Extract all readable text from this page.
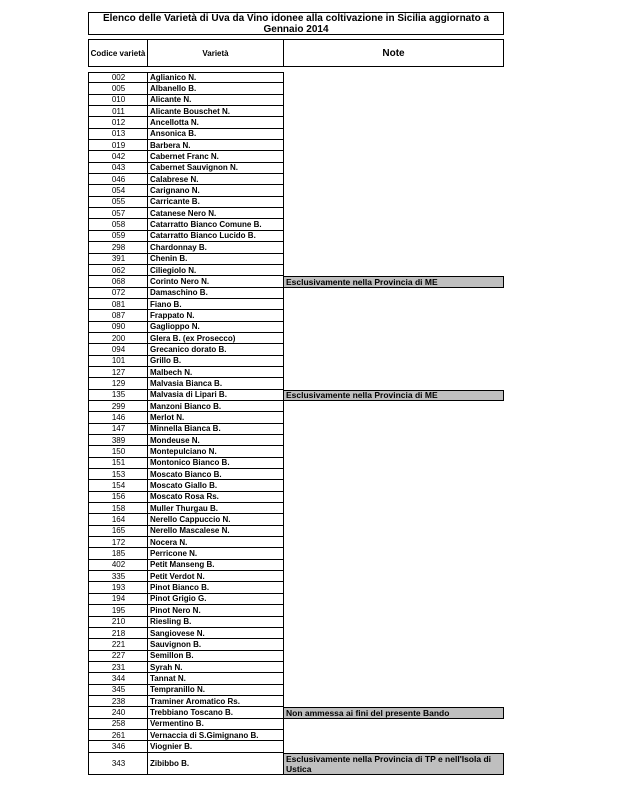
Elenco delle Varietà di Uva da Vino idonee alla coltivazione in Sicilia aggiornato a Gennaio 2014
Codice varietà	Varietà	Note
002	Aglianico N.
005	Albanello B.
010	Alicante N.
011	Alicante Bouschet N.
012	Ancellotta N.
013	Ansonica B.
019	Barbera N.
042	Cabernet Franc N.
043	Cabernet Sauvignon N.
046	Calabrese N.
054	Carignano N.
055	Carricante B.
057	Catanese Nero N.
058	Catarratto Bianco Comune B.
059	Catarratto Bianco Lucido B.
298	Chardonnay B.
391	Chenin B.
062	Ciliegiolo N.
068	Corinto Nero N.	Esclusivamente nella Provincia di ME
072	Damaschino B.
081	Fiano B.
087	Frappato N.
090	Gaglioppo N.
200	Glera B. (ex Prosecco)
094	Grecanico dorato B.
101	Grillo B.
127	Malbech N.
129	Malvasia Bianca B.
135	Malvasia di Lipari B.	Esclusivamente nella Provincia di ME
299	Manzoni Bianco B.
146	Merlot N.
147	Minnella Bianca B.
389	Mondeuse N.
150	Montepulciano N.
151	Montonico Bianco B.
153	Moscato Bianco B.
154	Moscato Giallo B.
156	Moscato Rosa Rs.
158	Muller Thurgau B.
164	Nerello Cappuccio N.
165	Nerello Mascalese N.
172	Nocera N.
185	Perricone N.
402	Petit Manseng B.
335	Petit Verdot N.
193	Pinot Bianco B.
194	Pinot Grigio G.
195	Pinot Nero N.
210	Riesling B.
218	Sangiovese N.
221	Sauvignon B.
227	Semillon B.
231	Syrah N.
344	Tannat N.
345	Tempranillo N.
238	Traminer Aromatico Rs.
240	Trebbiano Toscano B.	Non ammessa ai fini del presente Bando
258	Vermentino B.
261	Vernaccia di S.Gimignano B.
346	Viognier B.
343	Zibibbo B.	Esclusivamente nella Provincia di TP e nell'Isola di Ustica
